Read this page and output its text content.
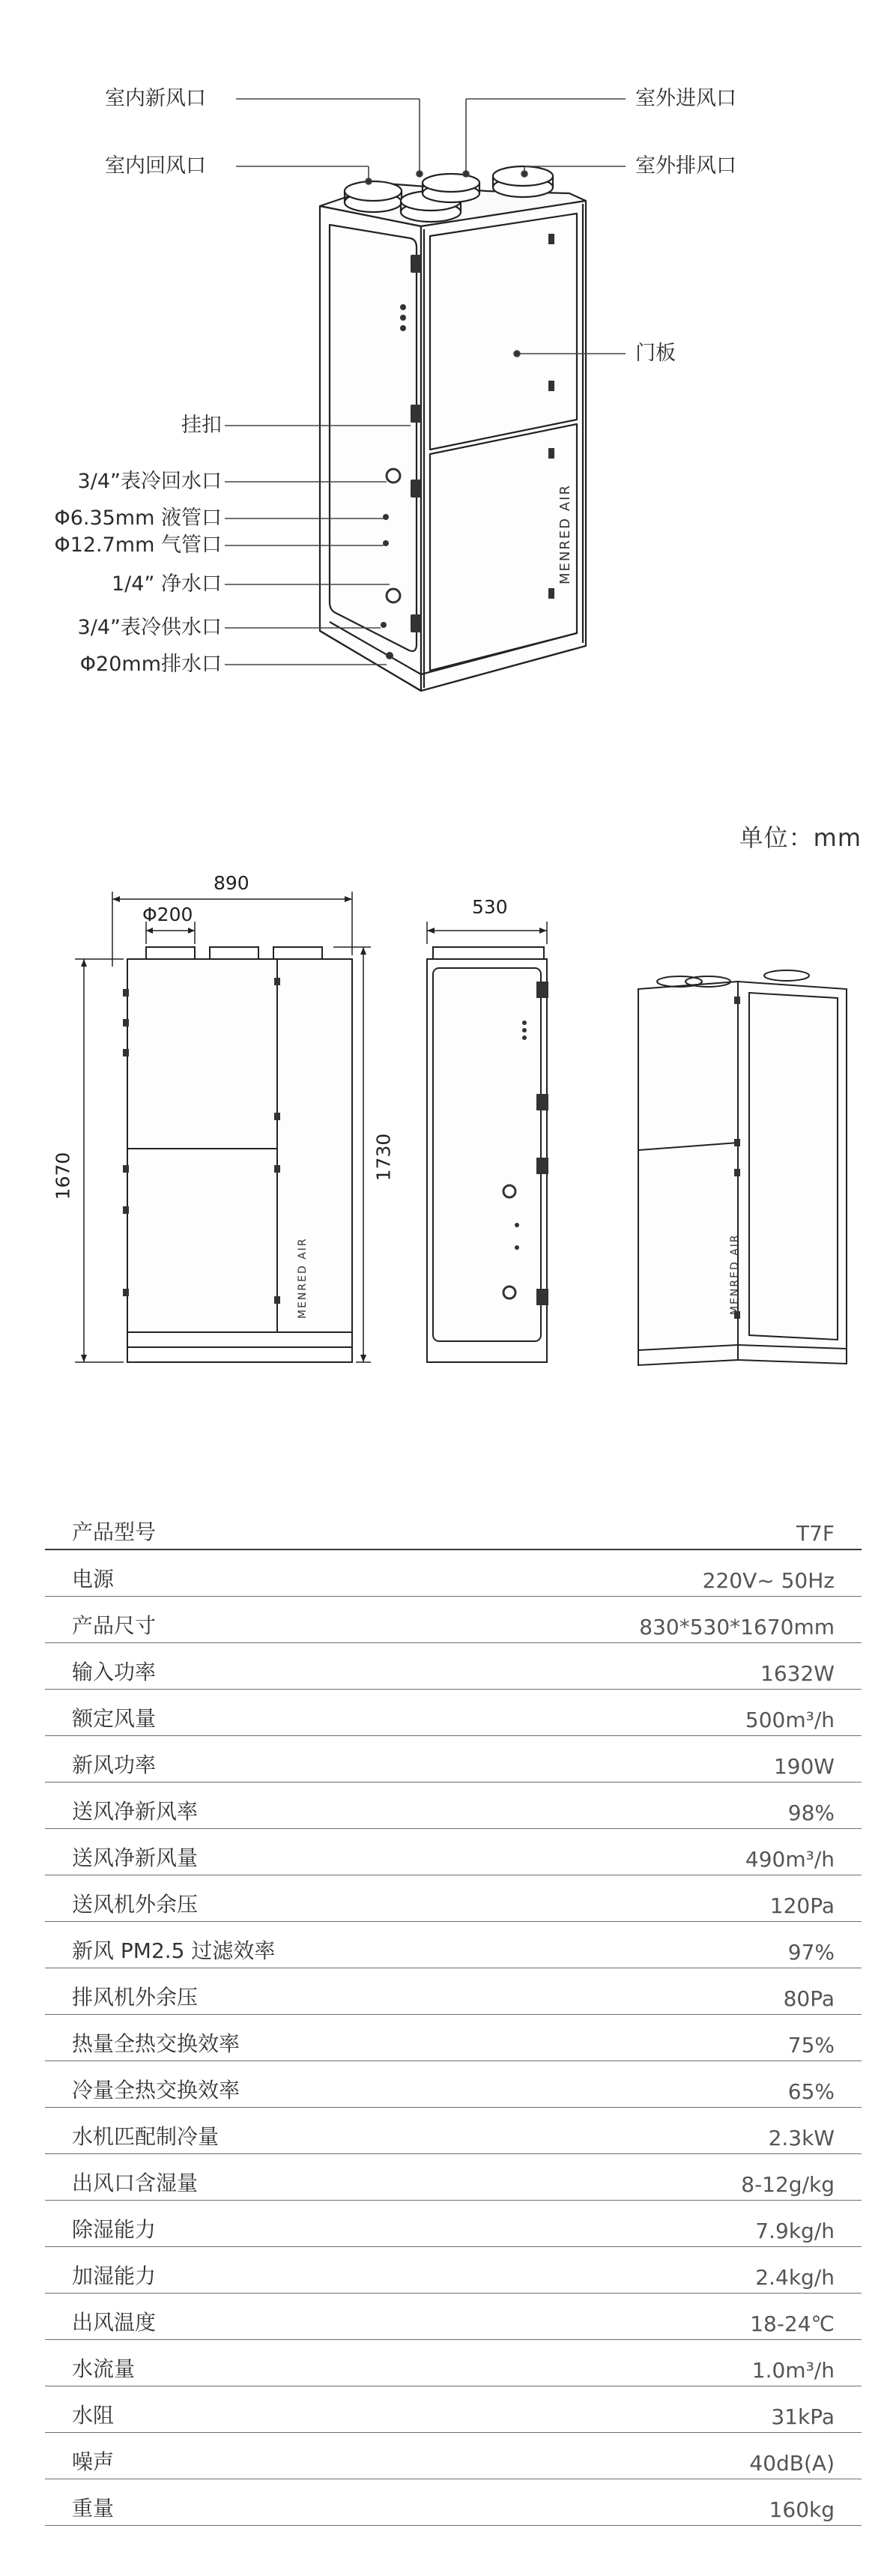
MENRED AIR
室内新风口
室内回风口
室外进风口
室外排风口
门板
挂扣
3/4”表冷回水口
Φ6.35mm 液管口
Φ12.7mm 气管口
1/4” 净水口
3/4”表冷供水口
Φ20mm排水口
单位：mm
MENRED AIR	MENRED AIR
890
Φ200	530
1670	1730
产品型号	T7F
电源	220V~ 50Hz
产品尺寸	830*530*1670mm
输入功率	1632W
额定风量	500m³/h
新风功率	190W
送风净新风率	98%
送风净新风量	490m³/h
送风机外余压	120Pa
新风 PM2.5 过滤效率	97%
排风机外余压	80Pa
热量全热交换效率	75%
冷量全热交换效率	65%
水机匹配制冷量	2.3kW
出风口含湿量	8-12g/kg
除湿能力	7.9kg/h
加湿能力	2.4kg/h
出风温度	18-24℃
水流量	1.0m³/h
水阻	31kPa
噪声	40dB(A)
重量	160kg
